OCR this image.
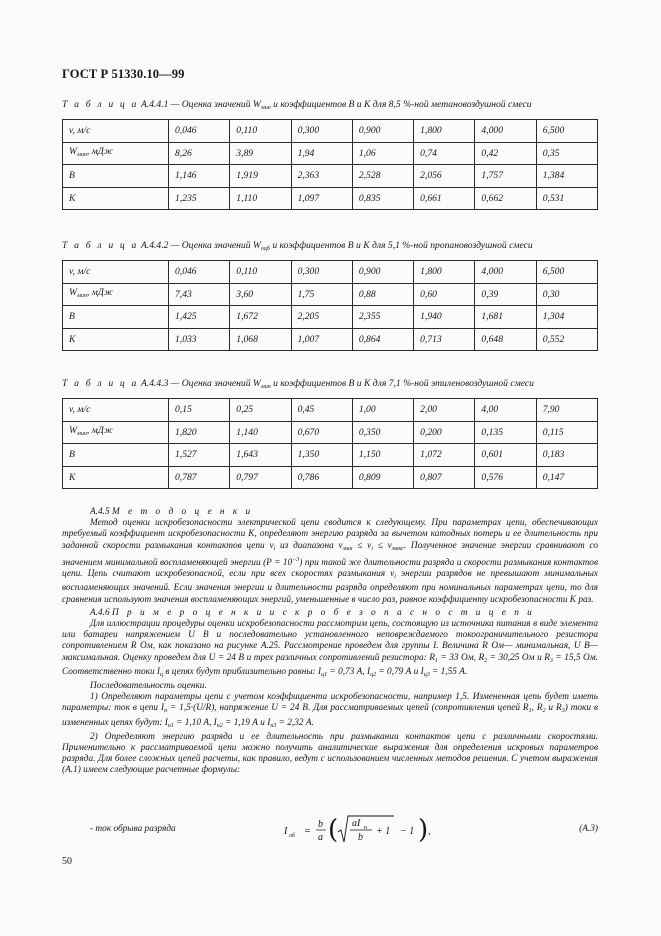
ГОСТ Р 51330.10—99
Т а б л и ц а А.4.4.1 — Оценка значений $W_{мин}$ и коэффициентов B и K для 8,5 %-ной метановоздушной смеси
v, м/с	0,046	0,110	0,300	0,900	1,800	4,000	6,500
$W_{мин}$, мДж	8,26	3,89	1,94	1,06	0,74	0,42	0,35
B	1,146	1,919	2,363	2,528	2,056	1,757	1,384
K	1,235	1,110	1,097	0,835	0,661	0,662	0,531
Т а б л и ц а А.4.4.2 — Оценка значений $W_{оцб}$ и коэффициентов B и K для 5,1 %-ной пропановоздушной смеси
v, м/с	0,046	0,110	0,300	0,900	1,800	4,000	6,500
$W_{мин}$, мДж	7,43	3,60	1,75	0,88	0,60	0,39	0,30
B	1,425	1,672	2,205	2,355	1,940	1,681	1,304
K	1,033	1,068	1,007	0,864	0,713	0,648	0,552
Т а б л и ц а А.4.4.3 — Оценка значений $W_{мин}$ и коэффициентов B и K для 7,1 %-ной этиленовоздушной смеси
v, м/с	0,15	0,25	0,45	1,00	2,00	4,00	7,90
$W_{мин}$, мДж	1,820	1,140	0,670	0,350	0,200	0,135	0,115
B	1,527	1,643	1,350	1,150	1,072	0,601	0,183
K	0,787	0,797	0,786	0,809	0,807	0,576	0,147

А.4.5 М е т о д о ц е н к и

Метод оценки искробезопасности электрической цепи сводится к следующему. При параметрах цепи, обеспечивающих требуемый коэффициент искробезопасности K, определяют энергию разряда за вычетом катодных потерь и ее длительность при заданной скорости размыкания контактов цепи $v_i$ из диапазона $v_{мин} \le v_i \le v_{макс}$. Полученное значение энергии сравнивают со значением минимальной воспламеняющей энергии $(P = 10^{-3})$ при такой же длительности разряда и скорости размыкания контактов цепи. Цепь считают искробезопасной, если при всех скоростях размыкания $v_i$ энергии разрядов не превышают минимальных воспламеняющих значений. Если значения энергии и длительности разряда определяют при номинальных параметрах цепи, то для сравнения используют значения воспламеняющих энергий, уменьшенные в число раз, равное коэффициенту искробезопасности K раз.

А.4.6 П р и м е р о ц е н к и и с к р о б е з о п а с н о с т и ц е п и

Для иллюстрации процедуры оценки искробезопасности рассмотрим цепь, состоящую из источника питания в виде элемента или батареи напряжением U В и последовательно установленного неповреждаемого токоограничительного резистора сопротивлением R Ом, как показано на рисунке А.25. Рассмотрение проведем для группы I. Величина R Ом— минимальная, U В— максимальная. Оценку проведем для U = 24 В и трех различных сопротивлений резистора: $R_1 = 33$ Ом, $R_2 = 30,25$ Ом и $R_3 = 15,5$ Ом. Соответственно токи $I_ц$ в цепях будут приблизительно равны: $I_{ц1} = 0,73$ А, $I_{ц2} = 0,79$ А и $I_{ц3} = 1,55$ А.

Последовательность оценки.

1) Определяют параметры цепи с учетом коэффициента искробезопасности, например 1,5. Измененная цепь будет иметь параметры: ток в цепи $I_н = 1,5\cdot(U/R)$, напряжение U = 24 В. Для рассматриваемых цепей (сопротивления цепей $R_1$, $R_2$ и $R_3$) токи в измененных цепях будут: $I_{н1} = 1,10$ А, $I_{н2} = 1,19$ А и $I_{н3} = 2,32$ А.

2) Определяют энергию разряда и ее длительность при размыкании контактов цепи с различными скоростями. Применительно к рассматриваемой цепи можно получить аналитические выражения для определения искровых параметров разряда. Для более сложных цепей расчеты, как правило, ведут с использованием численных методов решения. С учетом выражения (А.1) имеем следующие расчетные формулы:

- ток обрыва разряда	I об =
b
a ( aI н
b
+ 1 − 1 ) ,	(А.3)
50
